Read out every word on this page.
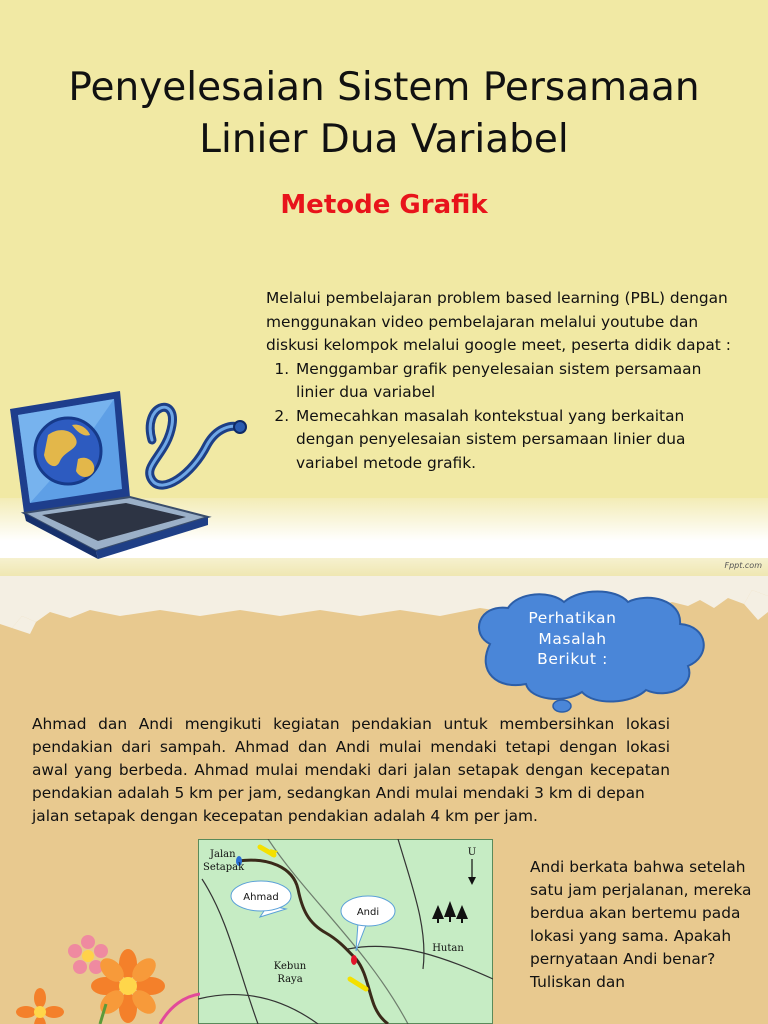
Penyelesaian Sistem Persamaan
Linier Dua Variabel
Metode Grafik
Melalui pembelajaran problem based learning (PBL) dengan menggunakan video pembelajaran melalui youtube dan diskusi kelompok melalui google meet, peserta didik dapat :
1. Menggambar grafik penyelesaian sistem persamaan linier dua variabel
2. Memecahkan masalah kontekstual yang berkaitan dengan penyelesaian sistem persamaan linier dua variabel metode grafik.
Fppt.com
Perhatikan
Masalah
Berikut :
Ahmad dan Andi mengikuti kegiatan pendakian untuk membersihkan lokasi pendakian dari sampah. Ahmad dan Andi mulai mendaki tetapi dengan lokasi awal yang berbeda. Ahmad mulai mendaki dari jalan setapak dengan kecepatan pendakian adalah 5 km per jam, sedangkan Andi mulai mendaki 3 km di depan
jalan setapak dengan kecepatan pendakian adalah 4 km per jam.
Jalan
Setapak
Ahmad
Andi
Kebun
Raya
Hutan
U
Andi berkata bahwa setelah satu jam perjalanan, mereka berdua akan bertemu pada lokasi yang sama. Apakah pernyataan Andi benar? Tuliskan dan
